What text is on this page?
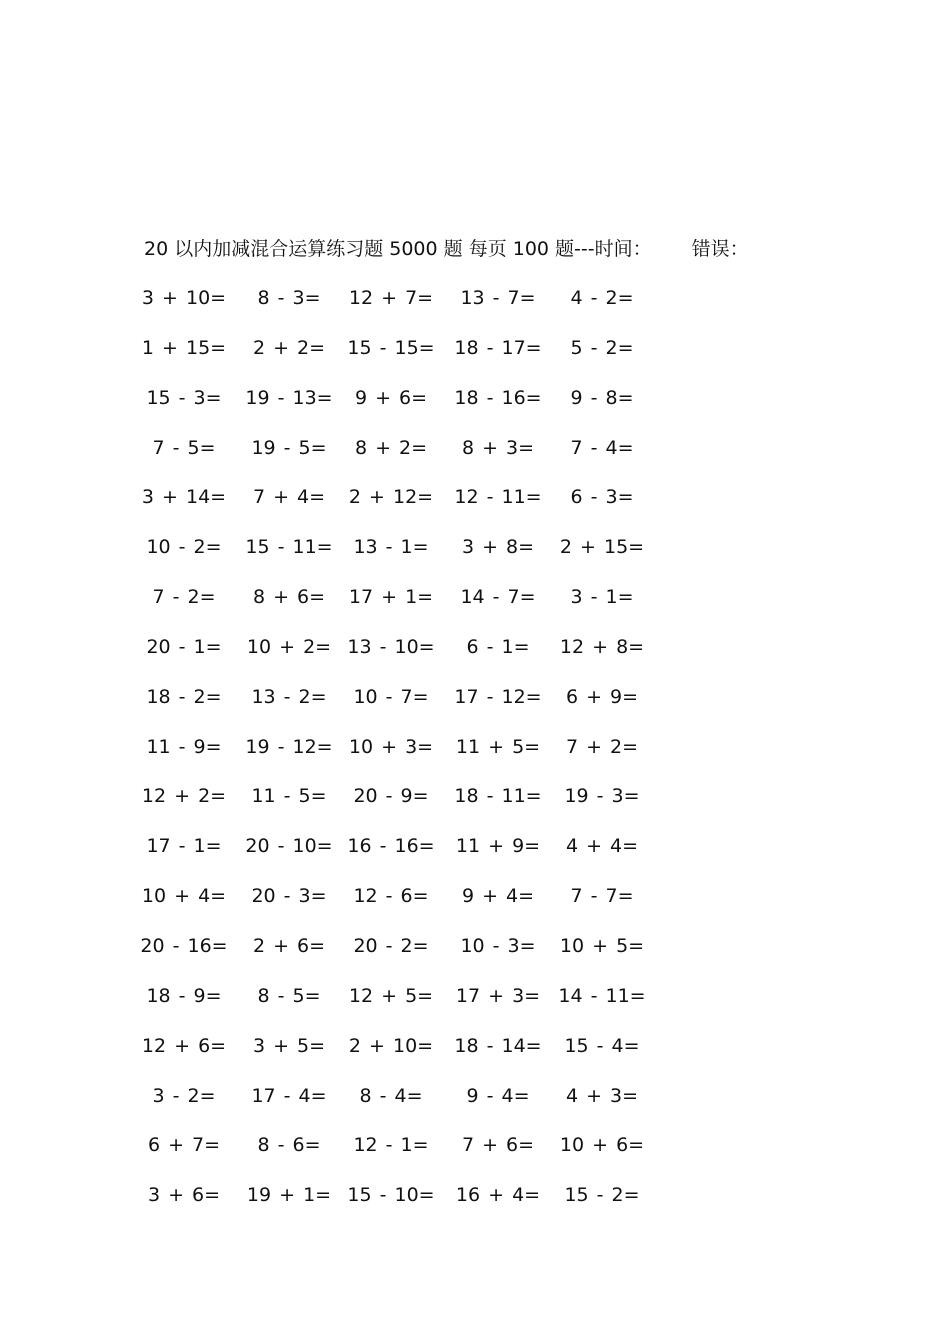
20 以内加减混合运算练习题 5000 题 每页 100 题---时间： 错误：
3 + 10= 8 - 3= 12 + 7= 13 - 7= 4 - 2=
1 + 15= 2 + 2= 15 - 15= 18 - 17= 5 - 2=
15 - 3= 19 - 13= 9 + 6= 18 - 16= 9 - 8=
7 - 5= 19 - 5= 8 + 2= 8 + 3= 7 - 4=
3 + 14= 7 + 4= 2 + 12= 12 - 11= 6 - 3=
10 - 2= 15 - 11= 13 - 1= 3 + 8= 2 + 15=
7 - 2= 8 + 6= 17 + 1= 14 - 7= 3 - 1=
20 - 1= 10 + 2= 13 - 10= 6 - 1= 12 + 8=
18 - 2= 13 - 2= 10 - 7= 17 - 12= 6 + 9=
11 - 9= 19 - 12= 10 + 3= 11 + 5= 7 + 2=
12 + 2= 11 - 5= 20 - 9= 18 - 11= 19 - 3=
17 - 1= 20 - 10= 16 - 16= 11 + 9= 4 + 4=
10 + 4= 20 - 3= 12 - 6= 9 + 4= 7 - 7=
20 - 16= 2 + 6= 20 - 2= 10 - 3= 10 + 5=
18 - 9= 8 - 5= 12 + 5= 17 + 3= 14 - 11=
12 + 6= 3 + 5= 2 + 10= 18 - 14= 15 - 4=
3 - 2= 17 - 4= 8 - 4= 9 - 4= 4 + 3=
6 + 7= 8 - 6= 12 - 1= 7 + 6= 10 + 6=
3 + 6= 19 + 1= 15 - 10= 16 + 4= 15 - 2=
